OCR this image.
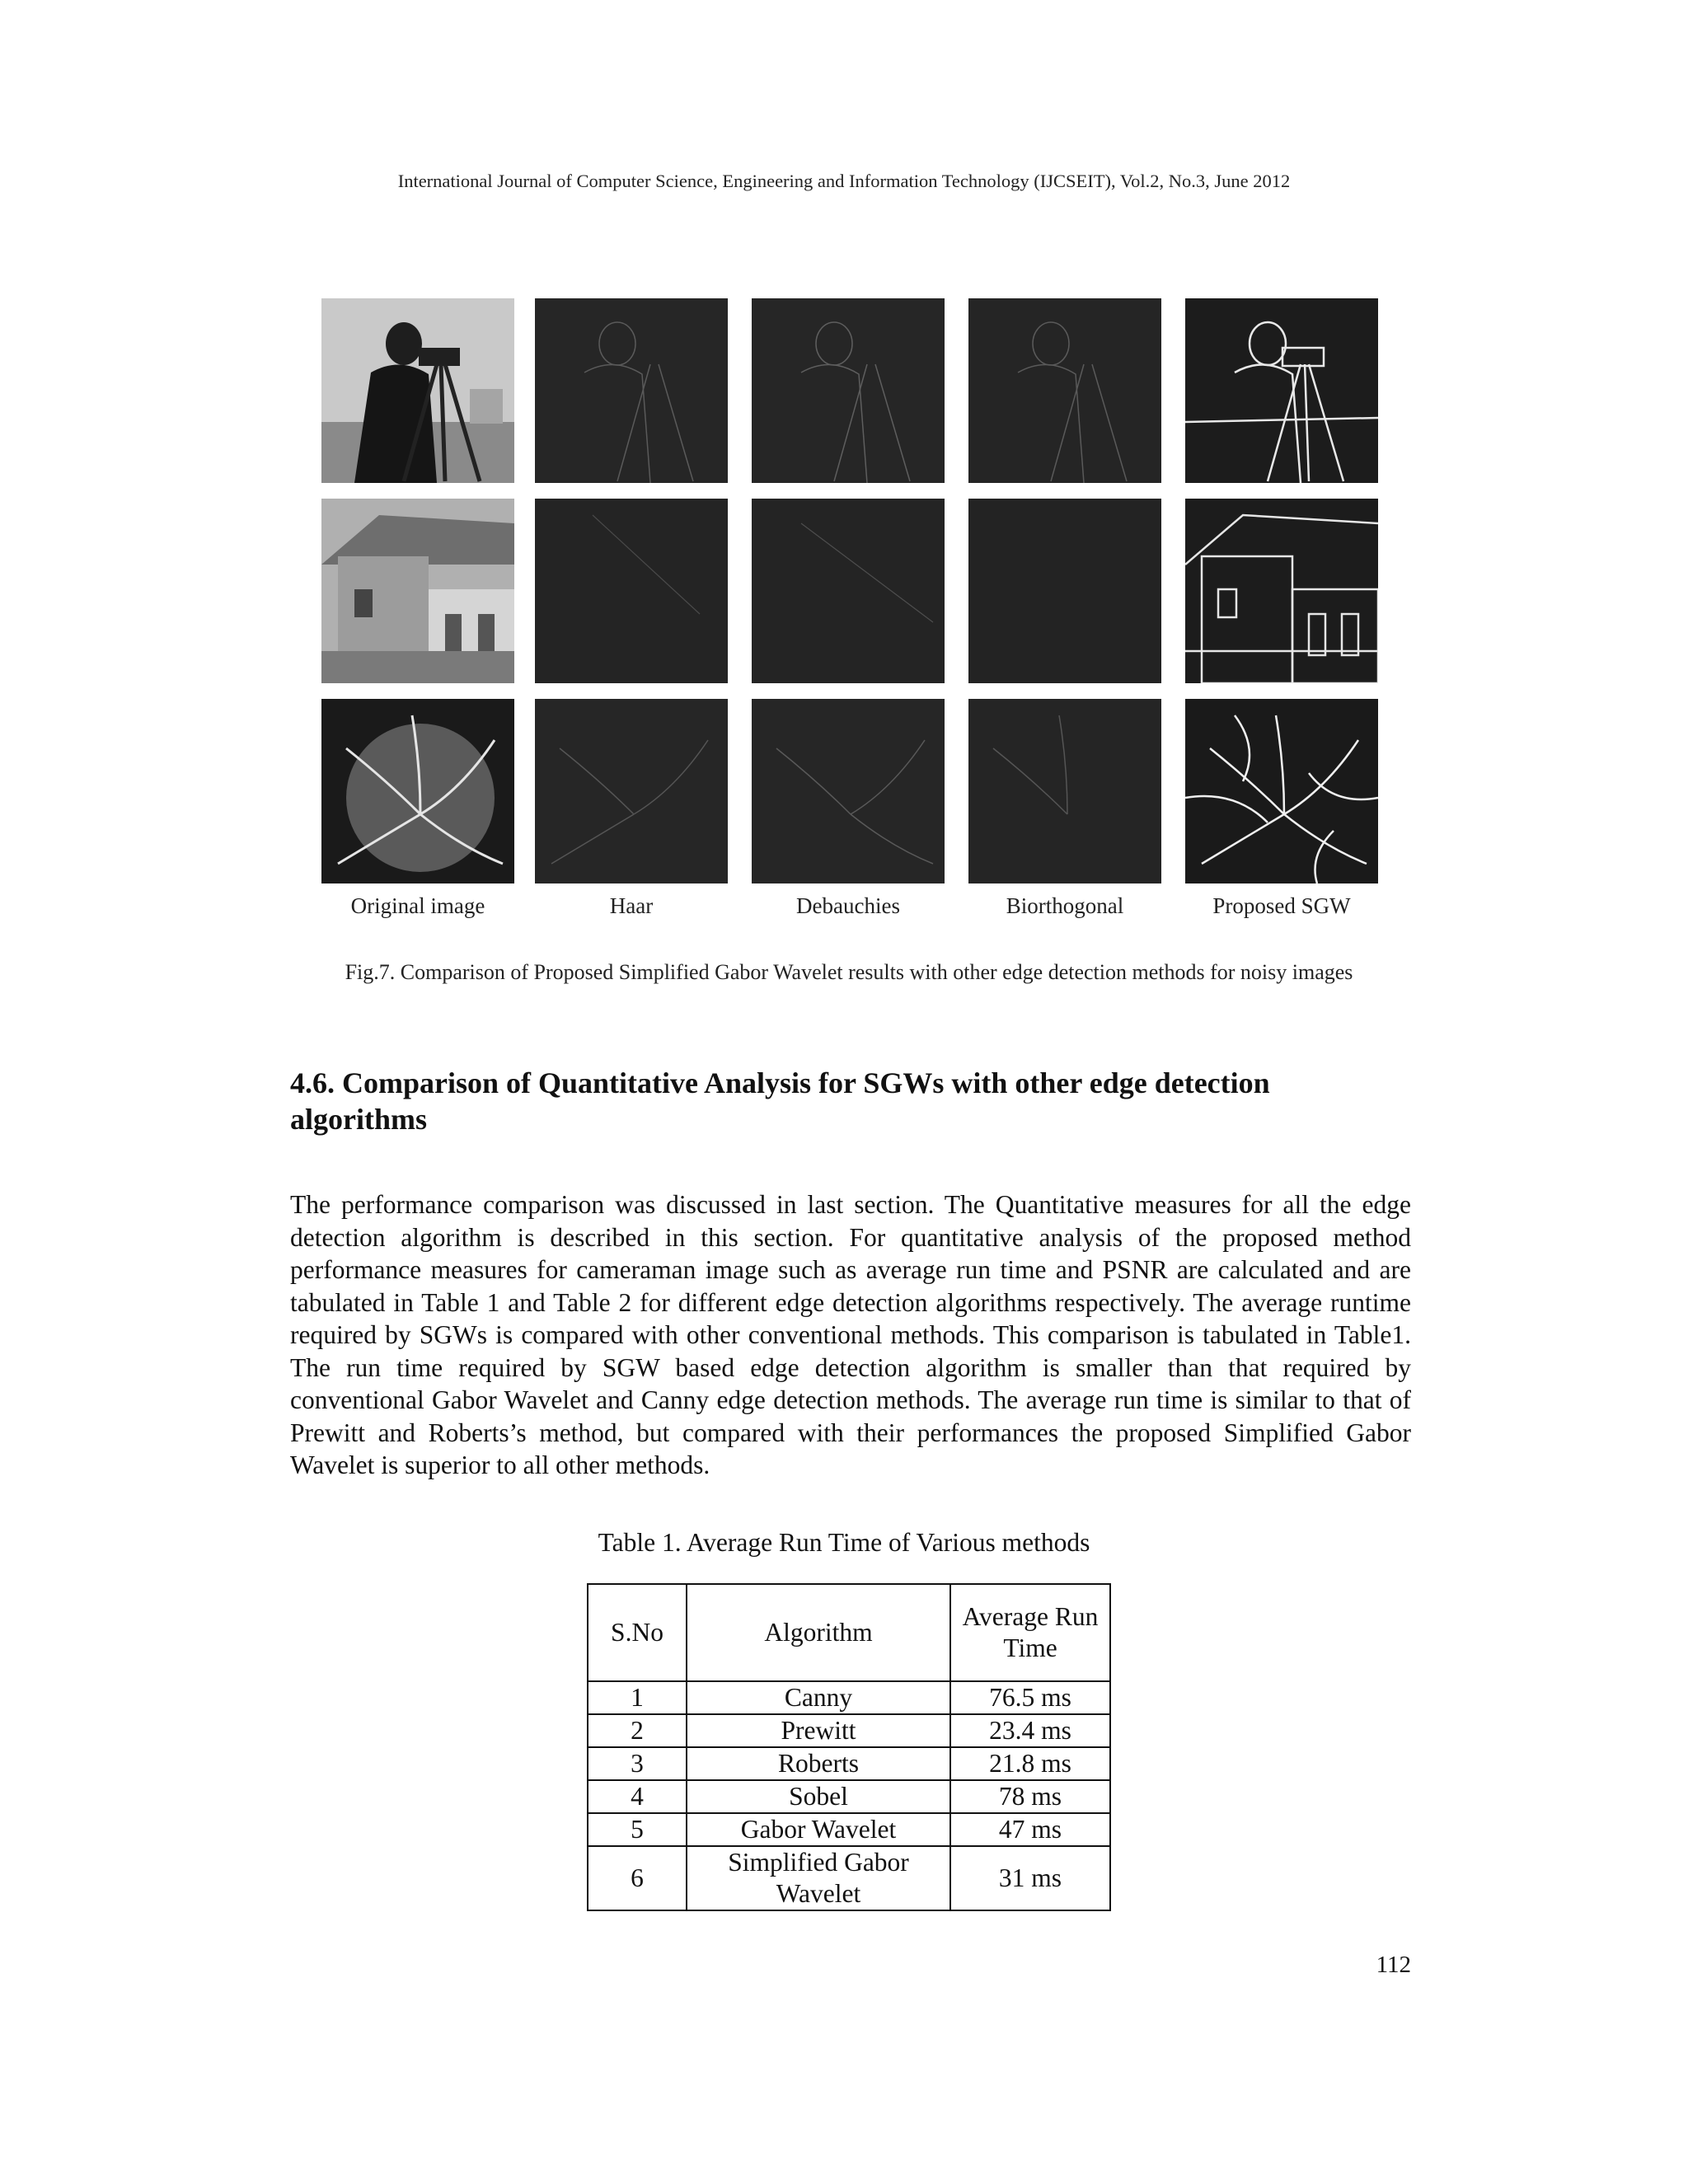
International Journal of Computer Science, Engineering and Information Technology (IJCSEIT), Vol.2, No.3, June 2012
Original image	Haar	Debauchies	Biorthogonal	Proposed SGW
Fig.7. Comparison of Proposed Simplified Gabor Wavelet results with other edge detection methods for noisy images
4.6. Comparison of Quantitative Analysis for SGWs with other edge detection algorithms
The performance comparison was discussed in last section. The Quantitative measures for all the edge detection algorithm is described in this section. For quantitative analysis of the proposed method performance measures for cameraman image such as average run time and PSNR are calculated and are tabulated in Table 1 and Table 2 for different edge detection algorithms respectively. The average runtime required by SGWs is compared with other conventional methods. This comparison is tabulated in Table1. The run time required by SGW based edge detection algorithm is smaller than that required by conventional Gabor Wavelet and Canny edge detection methods. The average run time is similar to that of Prewitt and Roberts’s method, but compared with their performances the proposed Simplified Gabor Wavelet is superior to all other methods.
Table 1. Average Run Time of Various methods
S.No	Algorithm	Average Run Time
1	Canny	76.5 ms
2	Prewitt	23.4 ms
3	Roberts	21.8 ms
4	Sobel	78 ms
5	Gabor Wavelet	47 ms
6	Simplified Gabor Wavelet	31 ms
112
